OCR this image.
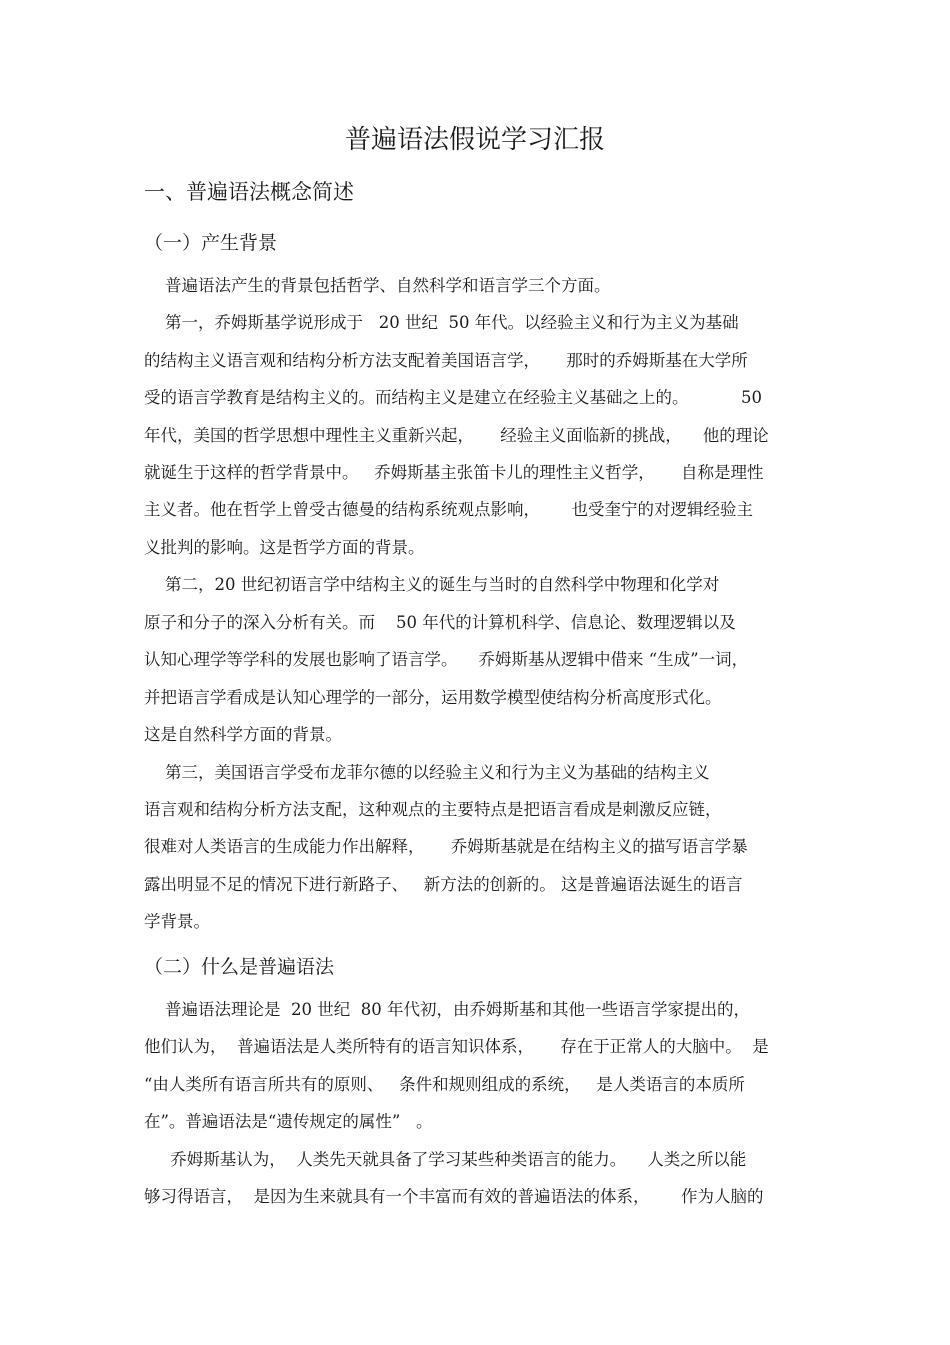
普遍语法假说学习汇报
一、普遍语法概念简述
（一）产生背景
普遍语法产生的背景包括哲学、自然科学和语言学三个方面。
第一，乔姆斯基学说形成于   20 世纪  50 年代。以经验主义和行为主义为基础
的结构主义语言观和结构分析方法支配着美国语言学，     那时的乔姆斯基在大学所
受的语言学教育是结构主义的。而结构主义是建立在经验主义基础之上的。          50
年代，美国的哲学思想中理性主义重新兴起，     经验主义面临新的挑战，    他的理论
就诞生于这样的哲学背景中。   乔姆斯基主张笛卡儿的理性主义哲学，     自称是理性
主义者。他在哲学上曾受古德曼的结构系统观点影响，      也受奎宁的对逻辑经验主
义批判的影响。这是哲学方面的背景。
第二，20 世纪初语言学中结构主义的诞生与当时的自然科学中物理和化学对
原子和分子的深入分析有关。而    50 年代的计算机科学、信息论、数理逻辑以及
认知心理学等学科的发展也影响了语言学。    乔姆斯基从逻辑中借来 “生成”一词，
并把语言学看成是认知心理学的一部分，运用数学模型使结构分析高度形式化。
这是自然科学方面的背景。
第三，美国语言学受布龙菲尔德的以经验主义和行为主义为基础的结构主义
语言观和结构分析方法支配，这种观点的主要特点是把语言看成是刺激反应链，
很难对人类语言的生成能力作出解释，     乔姆斯基就是在结构主义的描写语言学暴
露出明显不足的情况下进行新路子、   新方法的创新的。 这是普遍语法诞生的语言
学背景。
（二）什么是普遍语法
普遍语法理论是  20 世纪  80 年代初，由乔姆斯基和其他一些语言学家提出的，
他们认为，  普遍语法是人类所特有的语言知识体系，     存在于正常人的大脑中。  是
“由人类所有语言所共有的原则、   条件和规则组成的系统，   是人类语言的本质所
在”。普遍语法是“遗传规定的属性”   。
乔姆斯基认为，  人类先天就具备了学习某些种类语言的能力。    人类之所以能
够习得语言，  是因为生来就具有一个丰富而有效的普遍语法的体系，      作为人脑的
